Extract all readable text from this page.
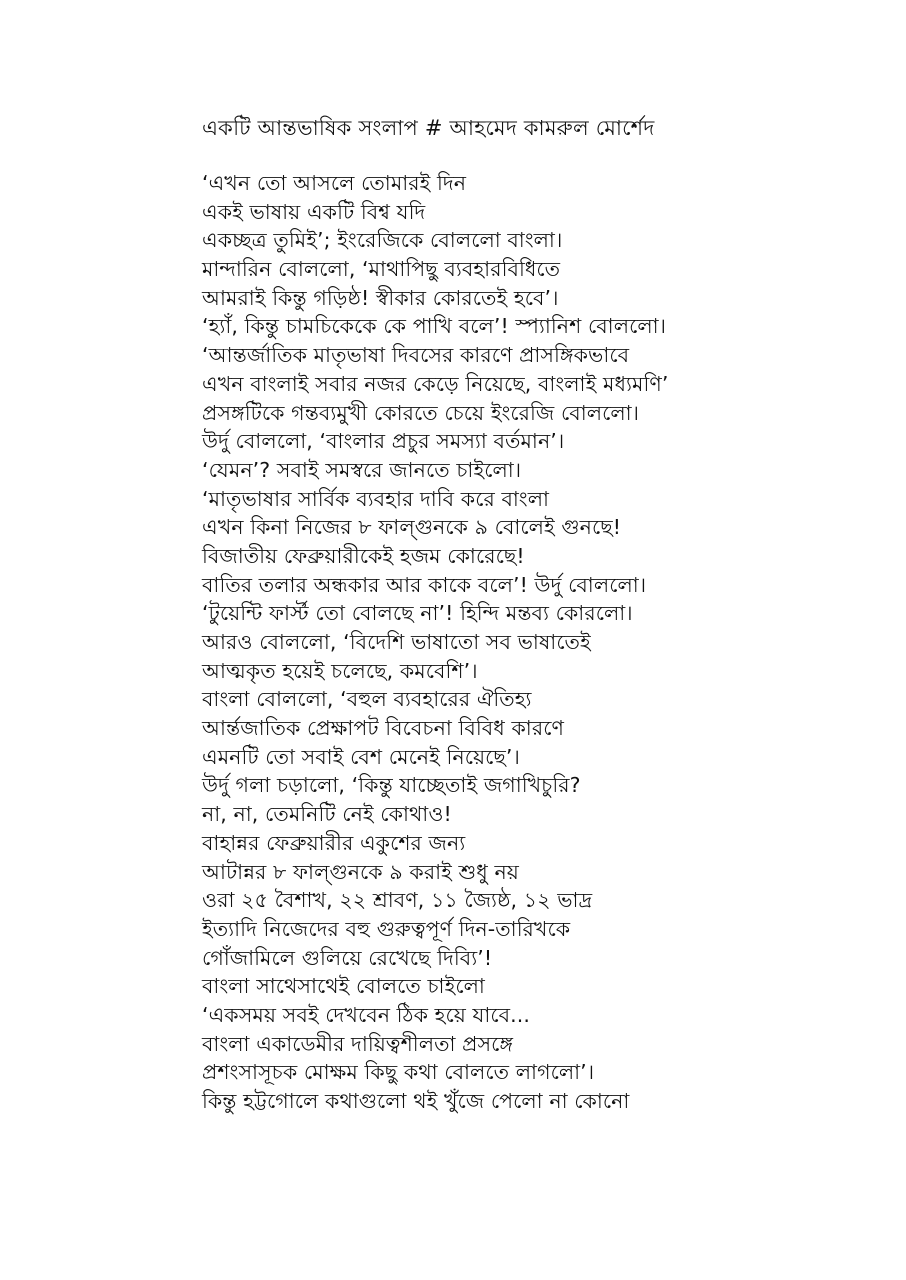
একটি আন্তভাষিক সংলাপ # আহমেদ কামরুল মোর্শেদ
‘এখন তো আসলে তোমারই দিন
একই ভাষায় একটি বিশ্ব যদি
একচ্ছত্র তুমিই’; ইংরেজিকে বোললো বাংলা।
মান্দারিন বোললো, ‘মাথাপিছু ব্যবহারবিধিতে
আমরাই কিন্তু গড়িষ্ঠ! স্বীকার কোরতেই হবে’।
‘হ্যাঁ, কিন্তু চামচিকেকে কে পাখি বলে’! স্প্যানিশ বোললো।
‘আন্তর্জাতিক মাতৃভাষা দিবসের কারণে প্রাসঙ্গিকভাবে
এখন বাংলাই সবার নজর কেড়ে নিয়েছে, বাংলাই মধ্যমণি’
প্রসঙ্গটিকে গন্তব্যমুখী কোরতে চেয়ে ইংরেজি বোললো।
উর্দু বোললো, ‘বাংলার প্রচুর সমস্যা বর্তমান’।
‘যেমন’? সবাই সমস্বরে জানতে চাইলো।
‘মাতৃভাষার সার্বিক ব্যবহার দাবি করে বাংলা
এখন কিনা নিজের ৮ ফাল্গুনকে ৯ বোলেই গুনছে!
বিজাতীয় ফেব্রুয়ারীকেই হজম কোরেছে!
বাতির তলার অন্ধকার আর কাকে বলে’! উর্দু বোললো।
‘টুয়েন্টি ফার্স্ট তো বোলছে না’! হিন্দি মন্তব্য কোরলো।
আরও বোললো, ‘বিদেশি ভাষাতো সব ভাষাতেই
আত্মকৃত হয়েই চলেছে, কমবেশি’।
বাংলা বোললো, ‘বহুল ব্যবহারের ঐতিহ্য
আর্ন্তজাতিক প্রেক্ষাপট বিবেচনা বিবিধ কারণে
এমনটি তো সবাই বেশ মেনেই নিয়েছে’।
উর্দু গলা চড়ালো, ‘কিন্তু যাচ্ছেতাই জগাখিচুরি?
না, না, তেমনিটি নেই কোথাও!
বাহান্নর ফেব্রুয়ারীর একুশের জন্য
আটান্নর ৮ ফাল্গুনকে ৯ করাই শুধু নয়
ওরা ২৫ বৈশাখ, ২২ শ্রাবণ, ১১ জ্যৈষ্ঠ, ১২ ভাদ্র
ইত্যাদি নিজেদের বহু গুরুত্বপূর্ণ দিন-তারিখকে
গোঁজামিলে গুলিয়ে রেখেছে দিব্যি’!
বাংলা সাথেসাথেই বোলতে চাইলো
‘একসময় সবই দেখবেন ঠিক হয়ে যাবে...
বাংলা একাডেমীর দায়িত্বশীলতা প্রসঙ্গে
প্রশংসাসূচক মোক্ষম কিছু কথা বোলতে লাগলো’।
কিন্তু হট্টগোলে কথাগুলো থই খুঁজে পেলো না কোনো
